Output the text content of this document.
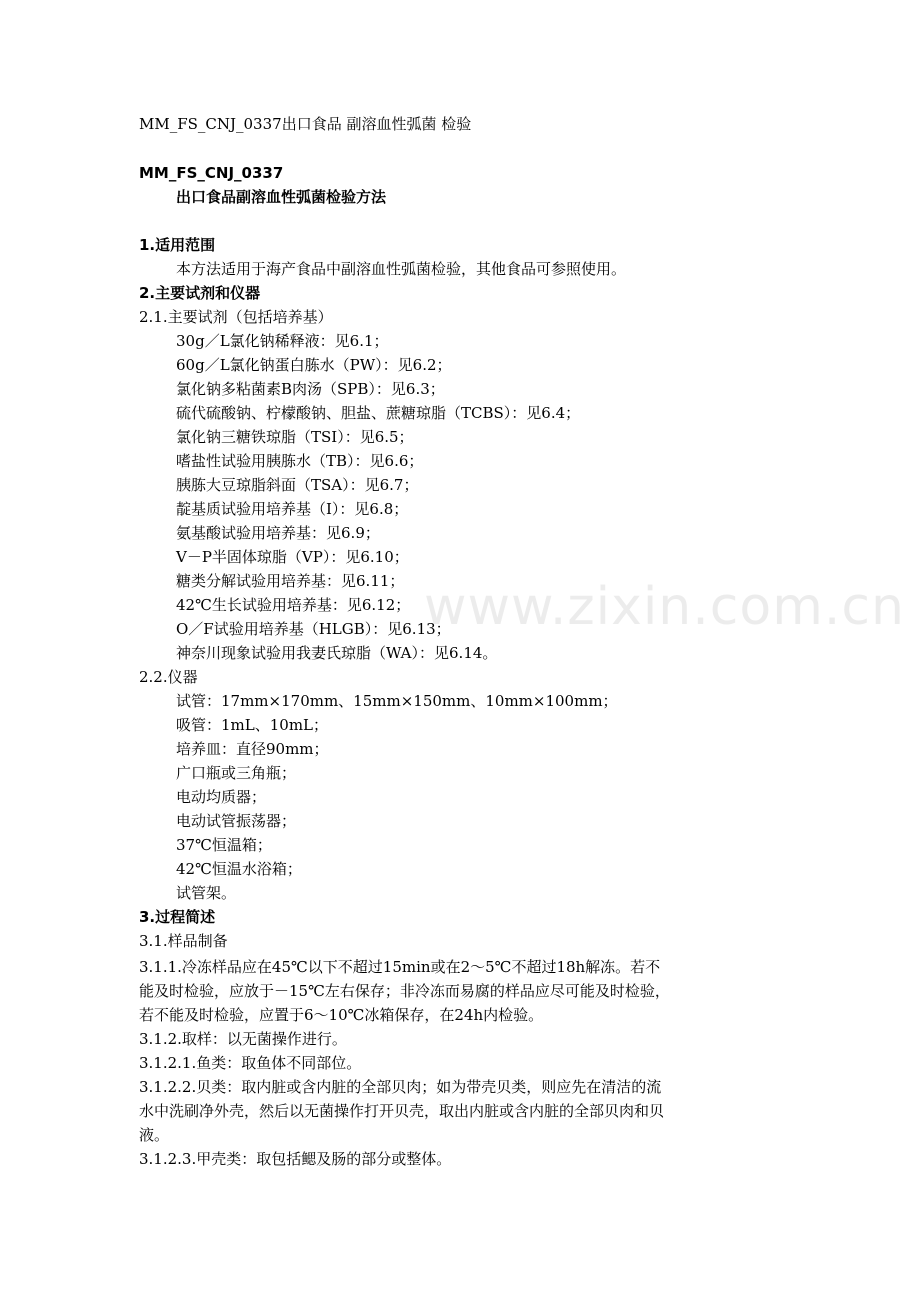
www.zixin.com.cn
MM_FS_CNJ_0337出口食品 副溶血性弧菌 检验
MM_FS_CNJ_0337
出口食品副溶血性弧菌检验方法
1.适用范围
本方法适用于海产食品中副溶血性弧菌检验，其他食品可参照使用。
2.主要试剂和仪器
2.1.主要试剂（包括培养基）
30g／L氯化钠稀释液：见6.1；
60g／L氯化钠蛋白胨水（PW）：见6.2；
氯化钠多粘菌素B肉汤（SPB）：见6.3；
硫代硫酸钠、柠檬酸钠、胆盐、蔗糖琼脂（TCBS）：见6.4；
氯化钠三糖铁琼脂（TSI）：见6.5；
嗜盐性试验用胰胨水（TB）：见6.6；
胰胨大豆琼脂斜面（TSA）：见6.7；
靛基质试验用培养基（I）：见6.8；
氨基酸试验用培养基：见6.9；
V－P半固体琼脂（VP）：见6.10；
糖类分解试验用培养基：见6.11；
42℃生长试验用培养基：见6.12；
O／F试验用培养基（HLGB）：见6.13；
神奈川现象试验用我妻氏琼脂（WA）：见6.14。
2.2.仪器
试管：17mm×170mm、15mm×150mm、10mm×100mm；
吸管：1mL、10mL；
培养皿：直径90mm；
广口瓶或三角瓶；
电动均质器；
电动试管振荡器；
37℃恒温箱；
42℃恒温水浴箱；
试管架。
3.过程简述
3.1.样品制备
3.1.1.冷冻样品应在45℃以下不超过15min或在2～5℃不超过18h解冻。若不
能及时检验，应放于－15℃左右保存；非冷冻而易腐的样品应尽可能及时检验，
若不能及时检验，应置于6～10℃冰箱保存，在24h内检验。
3.1.2.取样：以无菌操作进行。
3.1.2.1.鱼类：取鱼体不同部位。
3.1.2.2.贝类：取内脏或含内脏的全部贝肉；如为带壳贝类，则应先在清洁的流
水中洗刷净外壳，然后以无菌操作打开贝壳，取出内脏或含内脏的全部贝肉和贝
液。
3.1.2.3.甲壳类：取包括鳃及肠的部分或整体。
